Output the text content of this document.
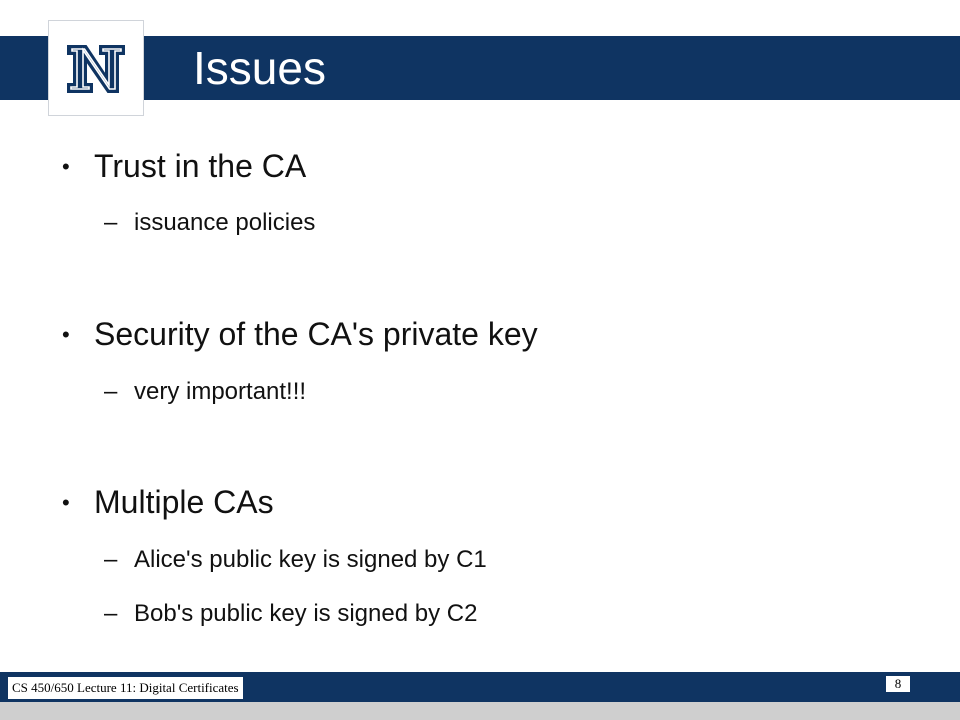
Issues
• Trust in the CA
– issuance policies
• Security of the CA's private key
– very important!!!
• Multiple CAs
– Alice's public key is signed by C1
– Bob's public key is signed by C2
CS 450/650 Lecture 11: Digital Certificates	8
